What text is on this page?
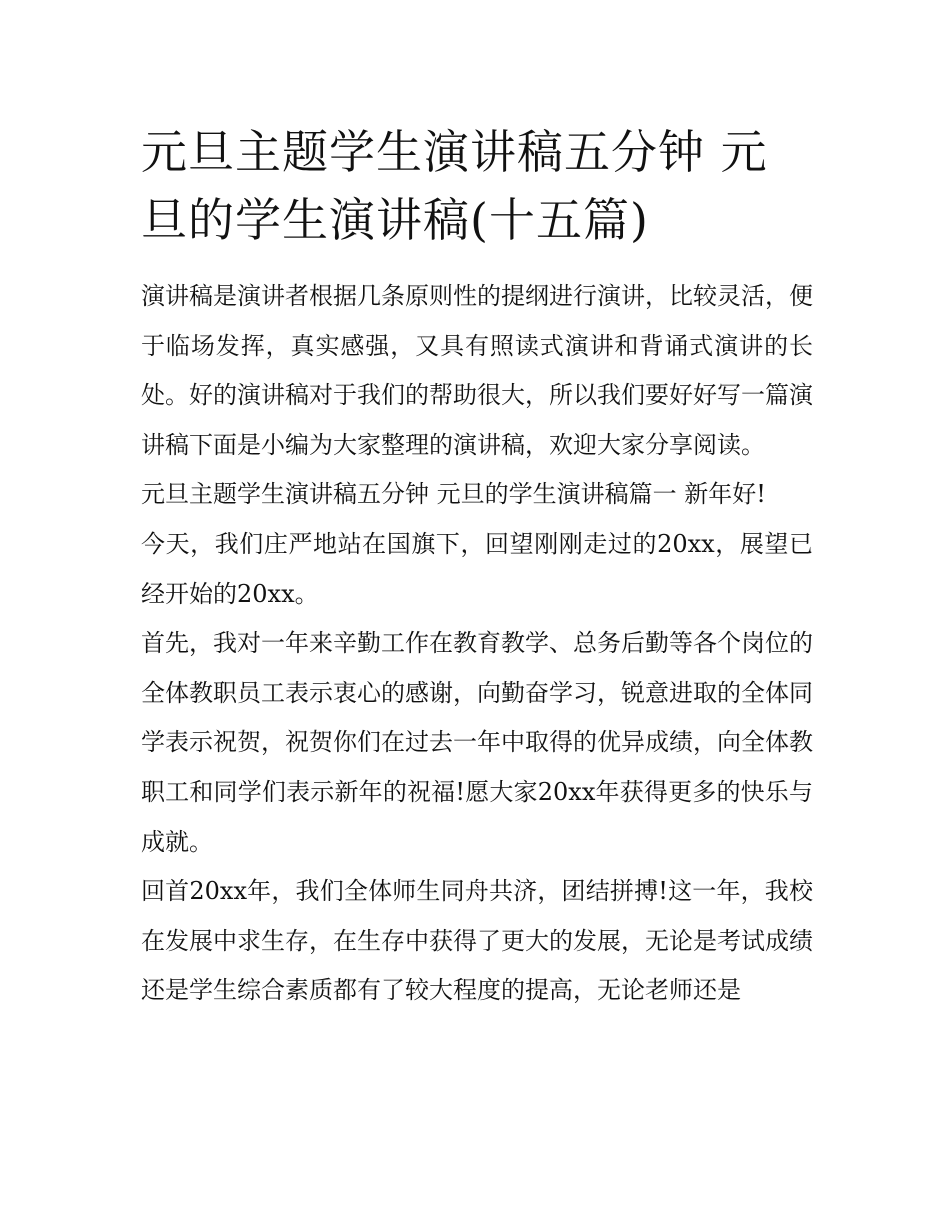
元旦主题学生演讲稿五分钟 元旦的学生演讲稿(十五篇)

演讲稿是演讲者根据几条原则性的提纲进行演讲，比较灵活，便于临场发挥，真实感强，又具有照读式演讲和背诵式演讲的长处。好的演讲稿对于我们的帮助很大，所以我们要好好写一篇演讲稿下面是小编为大家整理的演讲稿，欢迎大家分享阅读。

元旦主题学生演讲稿五分钟 元旦的学生演讲稿篇一 新年好!

今天，我们庄严地站在国旗下，回望刚刚走过的20xx，展望已经开始的20xx。

首先，我对一年来辛勤工作在教育教学、总务后勤等各个岗位的全体教职员工表示衷心的感谢，向勤奋学习，锐意进取的全体同学表示祝贺，祝贺你们在过去一年中取得的优异成绩，向全体教职工和同学们表示新年的祝福!愿大家20xx年获得更多的快乐与成就。

回首20xx年，我们全体师生同舟共济，团结拼搏!这一年，我校在发展中求生存，在生存中获得了更大的发展，无论是考试成绩还是学生综合素质都有了较大程度的提高，无论老师还是
